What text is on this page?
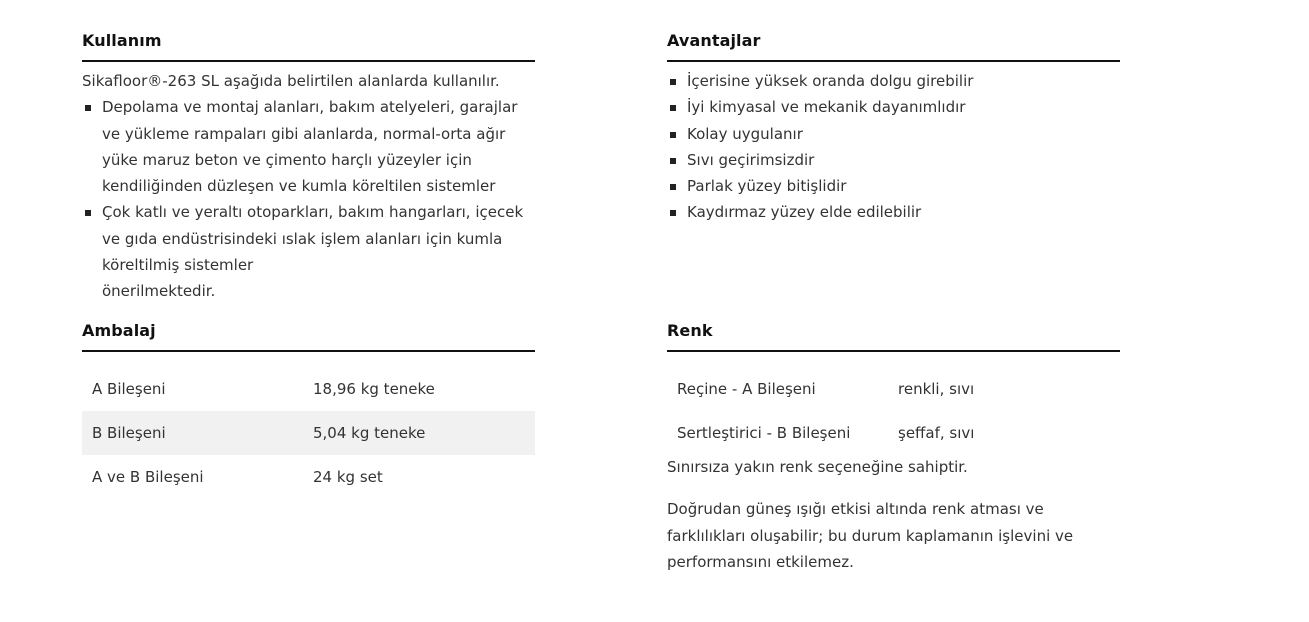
Kullanım

Sikafloor®-263 SL aşağıda belirtilen alanlarda kullanılır.

Depolama ve montaj alanları, bakım atelyeleri, garajlar ve yükleme rampaları gibi alanlarda, normal-orta ağır yüke maruz beton ve çimento harçlı yüzeyler için kendiliğinden düzleşen ve kumla köreltilen sistemler
Çok katlı ve yeraltı otoparkları, bakım hangarları, içecek ve gıda endüstrisindeki ıslak işlem alanları için kumla köreltilmiş sistemler

önerilmektedir.

Avantajlar
İçerisine yüksek oranda dolgu girebilir
İyi kimyasal ve mekanik dayanımlıdır
Kolay uygulanır
Sıvı geçirimsizdir
Parlak yüzey bitişlidir
Kaydırmaz yüzey elde edilebilir
Ambalaj
A Bileşeni	18,96 kg teneke
B Bileşeni	5,04 kg teneke
A ve B Bileşeni	24 kg set
Renk
Reçine - A Bileşeni	renkli, sıvı
Sertleştirici - B Bileşeni	şeffaf, sıvı

Sınırsıza yakın renk seçeneğine sahiptir.

Doğrudan güneş ışığı etkisi altında renk atması ve farklılıkları oluşabilir; bu durum kaplamanın işlevini ve performansını etkilemez.
